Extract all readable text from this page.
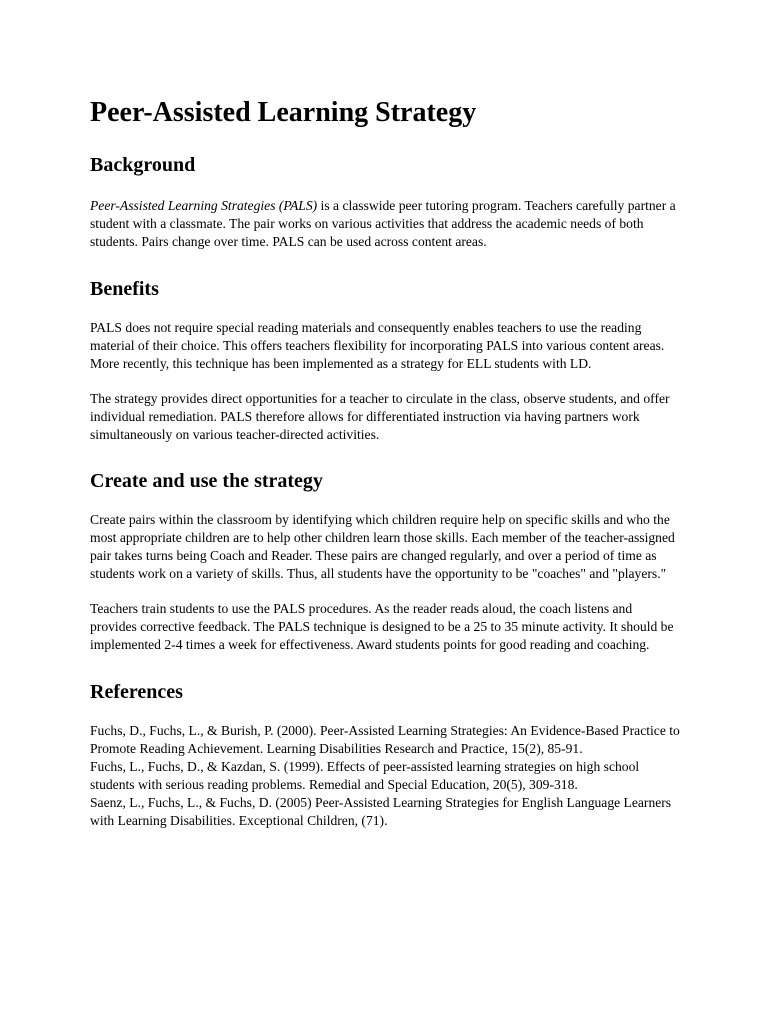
Peer-Assisted Learning Strategy
Background

Peer-Assisted Learning Strategies (PALS) is a classwide peer tutoring program. Teachers carefully partner a student with a classmate. The pair works on various activities that address the academic needs of both students. Pairs change over time. PALS can be used across content areas.

Benefits

PALS does not require special reading materials and consequently enables teachers to use the reading material of their choice. This offers teachers flexibility for incorporating PALS into various content areas. More recently, this technique has been implemented as a strategy for ELL students with LD.

The strategy provides direct opportunities for a teacher to circulate in the class, observe students, and offer individual remediation. PALS therefore allows for differentiated instruction via having partners work simultaneously on various teacher-directed activities.

Create and use the strategy

Create pairs within the classroom by identifying which children require help on specific skills and who the most appropriate children are to help other children learn those skills. Each member of the teacher-assigned pair takes turns being Coach and Reader. These pairs are changed regularly, and over a period of time as students work on a variety of skills. Thus, all students have the opportunity to be "coaches" and "players."

Teachers train students to use the PALS procedures. As the reader reads aloud, the coach listens and provides corrective feedback. The PALS technique is designed to be a 25 to 35 minute activity. It should be implemented 2-4 times a week for effectiveness. Award students points for good reading and coaching.

References

Fuchs, D., Fuchs, L., & Burish, P. (2000). Peer-Assisted Learning Strategies: An Evidence-Based Practice to Promote Reading Achievement. Learning Disabilities Research and Practice, 15(2), 85-91.

Fuchs, L., Fuchs, D., & Kazdan, S. (1999). Effects of peer-assisted learning strategies on high school students with serious reading problems. Remedial and Special Education, 20(5), 309-318.

Saenz, L., Fuchs, L., & Fuchs, D. (2005) Peer-Assisted Learning Strategies for English Language Learners with Learning Disabilities. Exceptional Children, (71).
